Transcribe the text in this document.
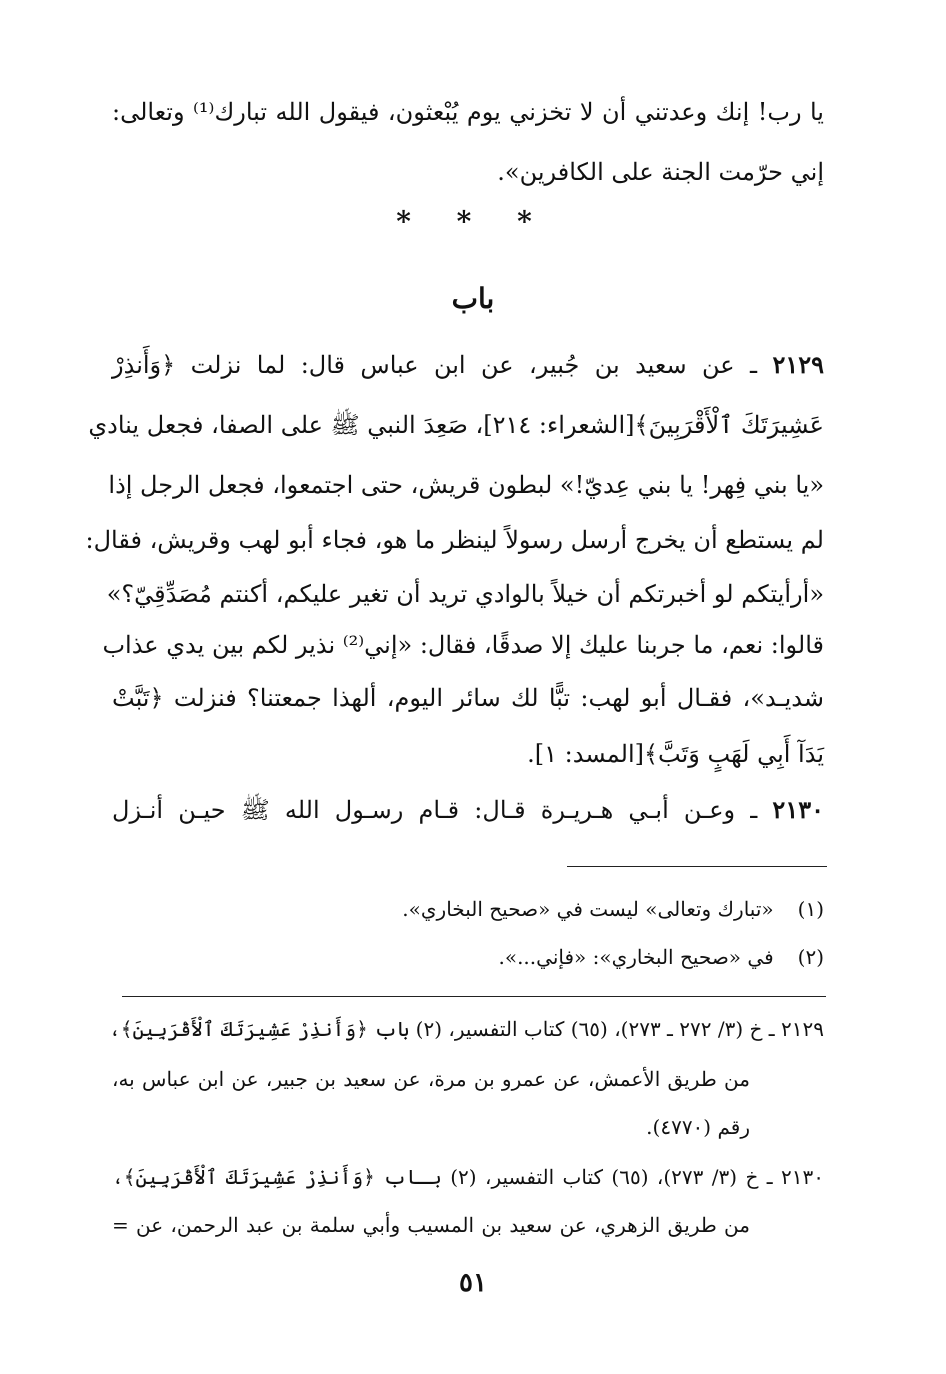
يا رب! إنك وعدتني أن لا تخزني يوم يُبْعثون، فيقول الله تبارك⁽¹⁾ وتعالى:
إني حرّمت الجنة على الكافرين».
* * *
باب
٢١٢٩ ـ عن سعيد بن جُبير، عن ابن عباس قال: لما نزلت ﴿وَأَنذِرْ
عَشِيرَتَكَ ٱلْأَقْرَبِينَ﴾[الشعراء: ٢١٤]، صَعِدَ النبي ﷺ على الصفا، فجعل ينادي
«يا بني فِهر! يا بني عِديّ!» لبطون قريش، حتى اجتمعوا، فجعل الرجل إذا
لم يستطع أن يخرج أرسل رسولاً لينظر ما هو، فجاء أبو لهب وقريش، فقال:
«أرأيتكم لو أخبرتكم أن خيلاً بالوادي تريد أن تغير عليكم، أكنتم مُصَدِّقِيّ؟»
قالوا: نعم، ما جربنا عليك إلا صدقًا، فقال: «إني⁽²⁾ نذير لكم بين يدي عذاب
شديـد»، فقـال أبو لهب: تبًّا لك سائر اليوم، ألهذا جمعتنا؟ فنزلت ﴿تَبَّتْ
يَدَآ أَبِي لَهَبٍ وَتَبَّ﴾[المسد: ١].
٢١٣٠ ـ وعـن أبـي هـريـرة قـال: قـام رسـول الله ﷺ حيـن أنـزل
(١) «تبارك وتعالى» ليست في «صحيح البخاري».
(٢) في «صحيح البخاري»: «فإني...».
٢١٢٩ ـ خ (٣/ ٢٧٢ ـ ٢٧٣)، (٦٥) كتاب التفسير، (٢) باب ﴿وَأَنذِرْ عَشِيرَتَكَ ٱلْأَقْرَبِينَ﴾،
من طريق الأعمش، عن عمرو بن مرة، عن سعيد بن جبير، عن ابن عباس به،
رقم (٤٧٧٠).
٢١٣٠ ـ خ (٣/ ٢٧٣)، (٦٥) كتاب التفسير، (٢) بـاب ﴿وَأَنذِرْ عَشِيرَتَكَ ٱلْأَقْرَبِينَ﴾،
من طريق الزهري، عن سعيد بن المسيب وأبي سلمة بن عبد الرحمن، عن =
٥١
